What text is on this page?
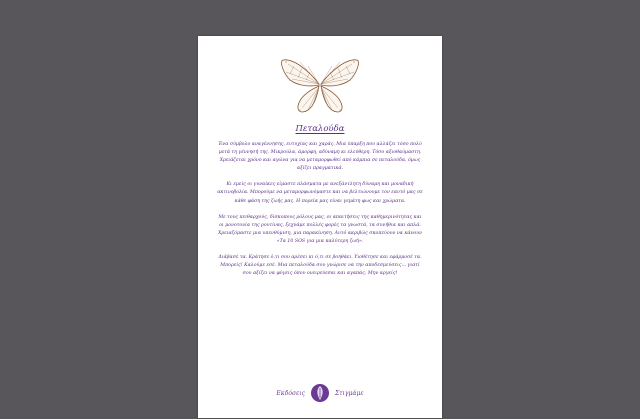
Πεταλούδα

Ένα σύμβολο αναγέννησης, ευτυχίας και χαράς. Μια ύπαρξη που αλλάζει τόσο πολύ μετά τη γέννησή της. Μικρούλα, άμορφη, αδύναμη κι ελεύθερη. Τόσο αξιοθαύμαστη. Χρειάζεται χρόνο και αγώνα για να μεταμορφωθεί από κάμπια σε πεταλούδα, όμως αξίζει πραγματικά.

Κι εμείς οι γυναίκες είμαστε πλάσματα με ανεξάντλητη δύναμη και μοναδική ακτινοβολία. Μπορούμε να μεταμορφωνόμαστε και να βελτιώνουμε τον εαυτό μας σε κάθε φάση της ζωής μας. Η πορεία μας είναι γεμάτη φως και χρώματα.

Με τους πειθαρχούς, δίσκοπους ρόλους μας, οι απαιτήσεις της καθημερινότητας και οι μονοτονία της ρουτίνας, ξεχνάμε πολλές φορές τα γνωστά, τα συνήθια και απλά. Χρειαζόμαστε μια υπενθύμιση, μια παρακίνηση. Αυτό ακριβώς σκοπεύουν να κάνουν «Τα 10 SOS για μια καλύτερη ζωή».

Διάβασέ τα. Κράτησε ό,τι σου αρέσει κι ό,τι σε βοηθάει. Υιοθέτησε και εφάρμοσέ τα. Μπορείς! Καλούμε εσέ. Μια πεταλούδα σου γνώρισε να την αποδεσμεύσεις... γιατί σου αξίζει να φύγεις όπου ονειρεύεσαι και αγαπάς. Μην αργείς!

Εκδόσεις	Στιγμάμε
